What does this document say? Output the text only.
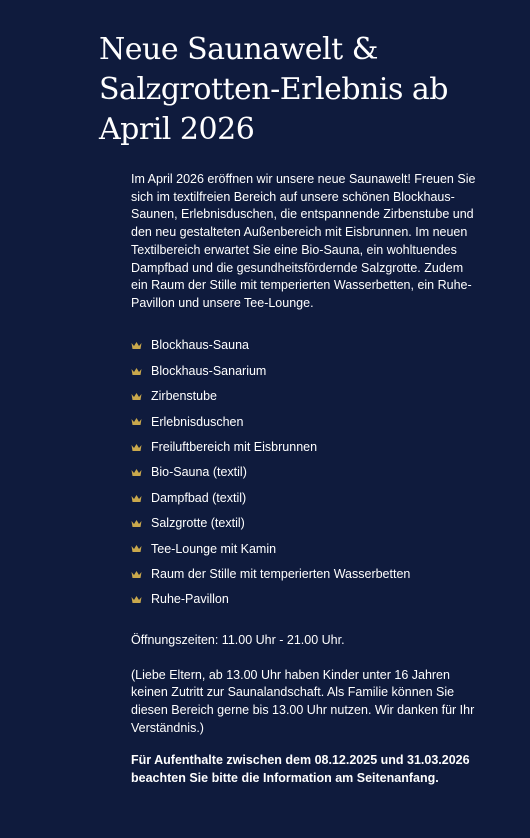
Neue Saunawelt & Salzgrotten-Erlebnis ab April 2026

Im April 2026 eröffnen wir unsere neue Saunawelt! Freuen Sie sich im textilfreien Bereich auf unsere schönen Blockhaus-Saunen, Erlebnisduschen, die entspannende Zirbenstube und den neu gestalteten Außenbereich mit Eisbrunnen. Im neuen Textilbereich erwartet Sie eine Bio-Sauna, ein wohltuendes Dampfbad und die gesundheitsfördernde Salzgrotte. Zudem ein Raum der Stille mit temperierten Wasserbetten, ein Ruhe-Pavillon und unsere Tee-Lounge.

Blockhaus-Sauna
Blockhaus-Sanarium
Zirbenstube
Erlebnisduschen
Freiluftbereich mit Eisbrunnen
Bio-Sauna (textil)
Dampfbad (textil)
Salzgrotte (textil)
Tee-Lounge mit Kamin
Raum der Stille mit temperierten Wasserbetten
Ruhe-Pavillon

Öffnungszeiten: 11.00 Uhr - 21.00 Uhr.

(Liebe Eltern, ab 13.00 Uhr haben Kinder unter 16 Jahren keinen Zutritt zur Saunalandschaft. Als Familie können Sie diesen Bereich gerne bis 13.00 Uhr nutzen. Wir danken für Ihr Verständnis.)

Für Aufenthalte zwischen dem 08.12.2025 und 31.03.2026 beachten Sie bitte die Information am Seitenanfang.
